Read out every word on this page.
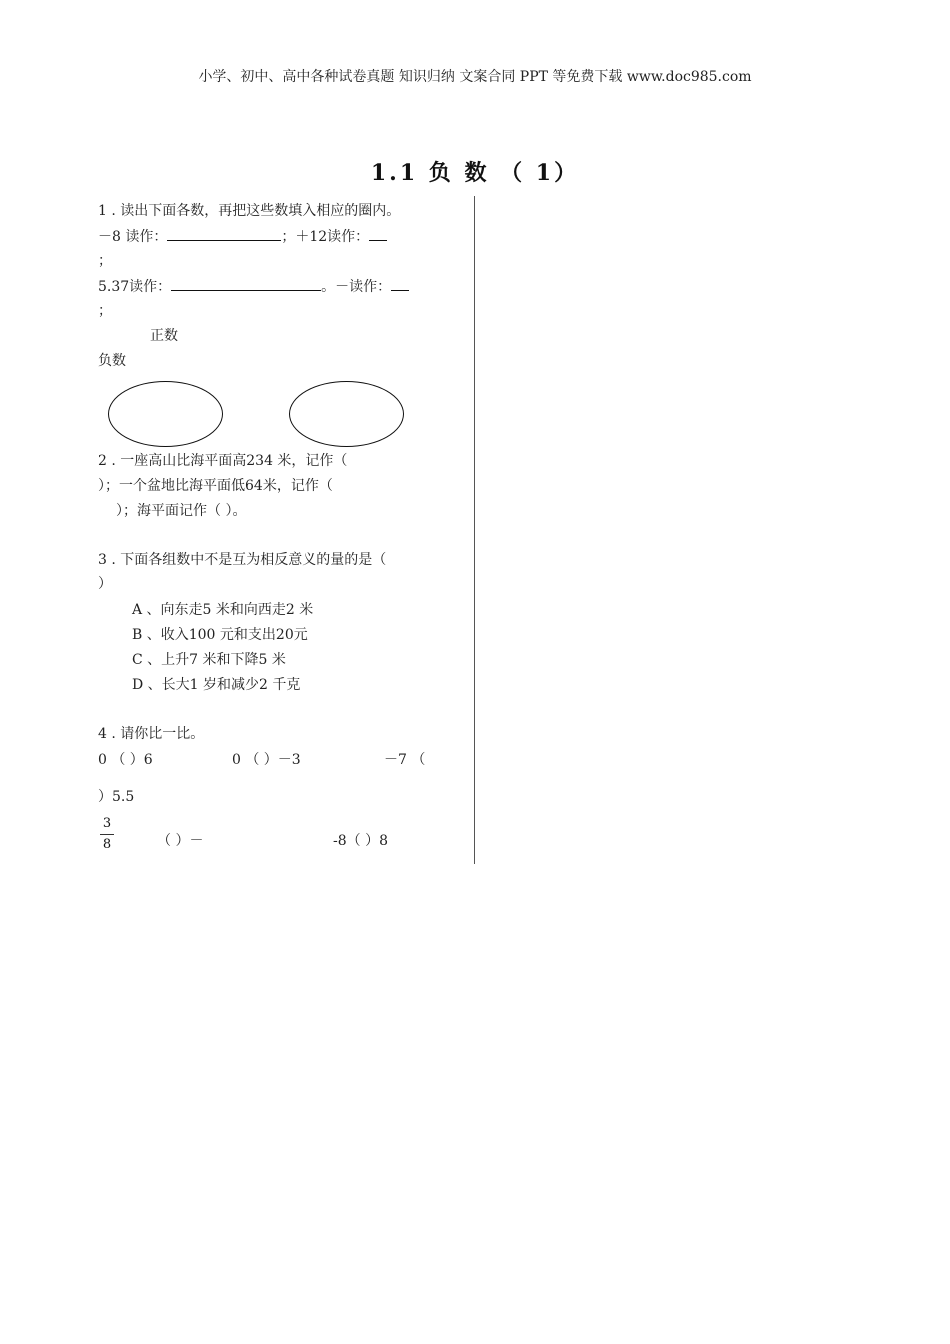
小学、初中、高中各种试卷真题 知识归纳 文案合同 PPT 等免费下载 www.doc985.com
1.1 负 数 （ 1）
1 . 读出下面各数，再把这些数填入相应的圈内。
－8 读作：	；＋12读作：
；
5.37读作：	。－读作：
；
正数
负数
2 . 一座高山比海平面高234 米，记作（
）；一个盆地比海平面低64米，记作（
）；海平面记作（ ）。
3 . 下面各组数中不是互为相反意义的量的是（
）
A 、向东走5 米和向西走2 米
B 、收入100 元和支出20元
C 、上升7 米和下降5 米
D 、长大1 岁和减少2 千克
4 . 请你比一比。
0 （ ）6	0 （ ）－3	－7 （
）5.5
3
8	（ ）－	-8（ ）8
